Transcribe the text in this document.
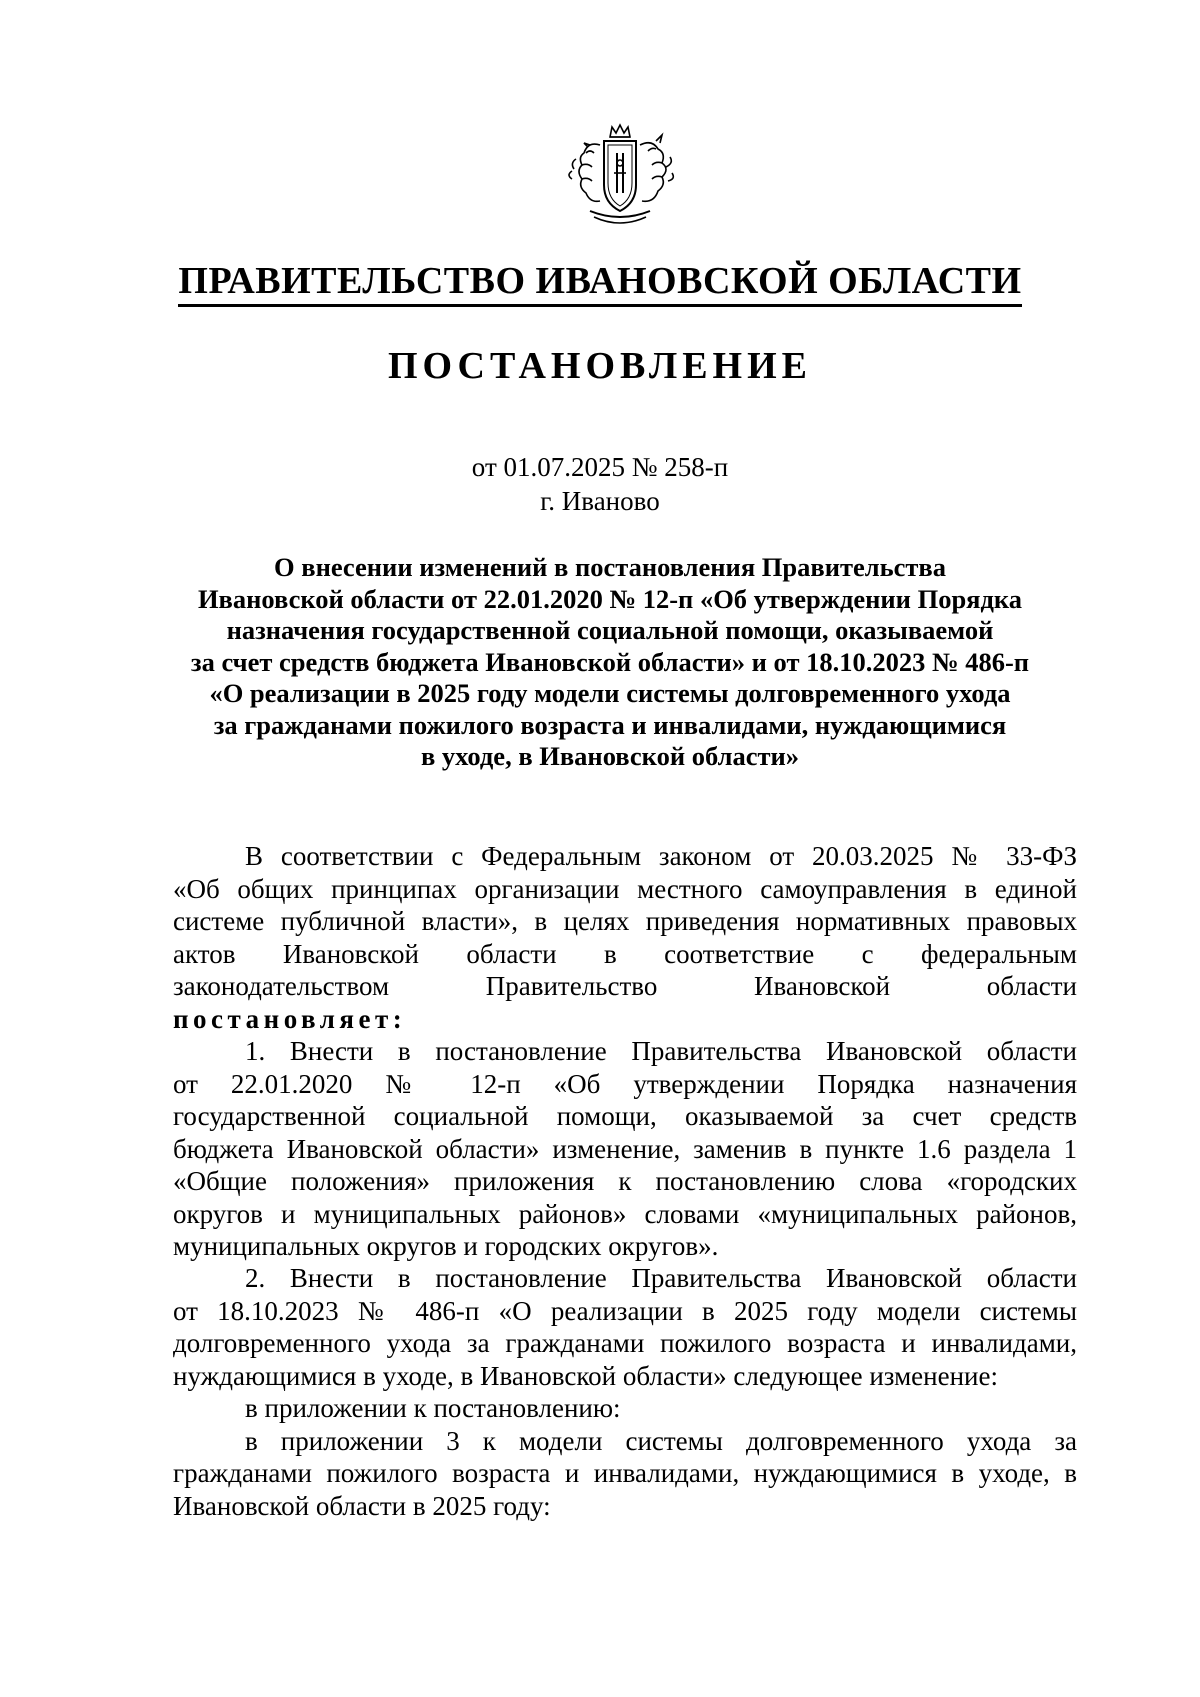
ПРАВИТЕЛЬСТВО ИВАНОВСКОЙ ОБЛАСТИ
ПОСТАНОВЛЕНИЕ
от 01.07.2025 № 258-п
г. Иваново
О внесении изменений в постановления Правительства
Ивановской области от 22.01.2020 № 12-п «Об утверждении Порядка
назначения государственной социальной помощи, оказываемой
за счет средств бюджета Ивановской области» и от 18.10.2023 № 486-п
«О реализации в 2025 году модели системы долговременного ухода
за гражданами пожилого возраста и инвалидами, нуждающимися
в уходе, в Ивановской области»
В соответствии с Федеральным законом от 20.03.2025 № 33-ФЗ
«Об общих принципах организации местного самоуправления в единой
системе публичной власти», в целях приведения нормативных правовых
актов Ивановской области в соответствие с федеральным
законодательством Правительство Ивановской области
постановляет:
1. Внести в постановление Правительства Ивановской области
от 22.01.2020 № 12-п «Об утверждении Порядка назначения
государственной социальной помощи, оказываемой за счет средств
бюджета Ивановской области» изменение, заменив в пункте 1.6 раздела 1
«Общие положения» приложения к постановлению слова «городских
округов и муниципальных районов» словами «муниципальных районов,
муниципальных округов и городских округов».
2. Внести в постановление Правительства Ивановской области
от 18.10.2023 № 486-п «О реализации в 2025 году модели системы
долговременного ухода за гражданами пожилого возраста и инвалидами,
нуждающимися в уходе, в Ивановской области» следующее изменение:
в приложении к постановлению:
в приложении 3 к модели системы долговременного ухода за
гражданами пожилого возраста и инвалидами, нуждающимися в уходе, в
Ивановской области в 2025 году:
